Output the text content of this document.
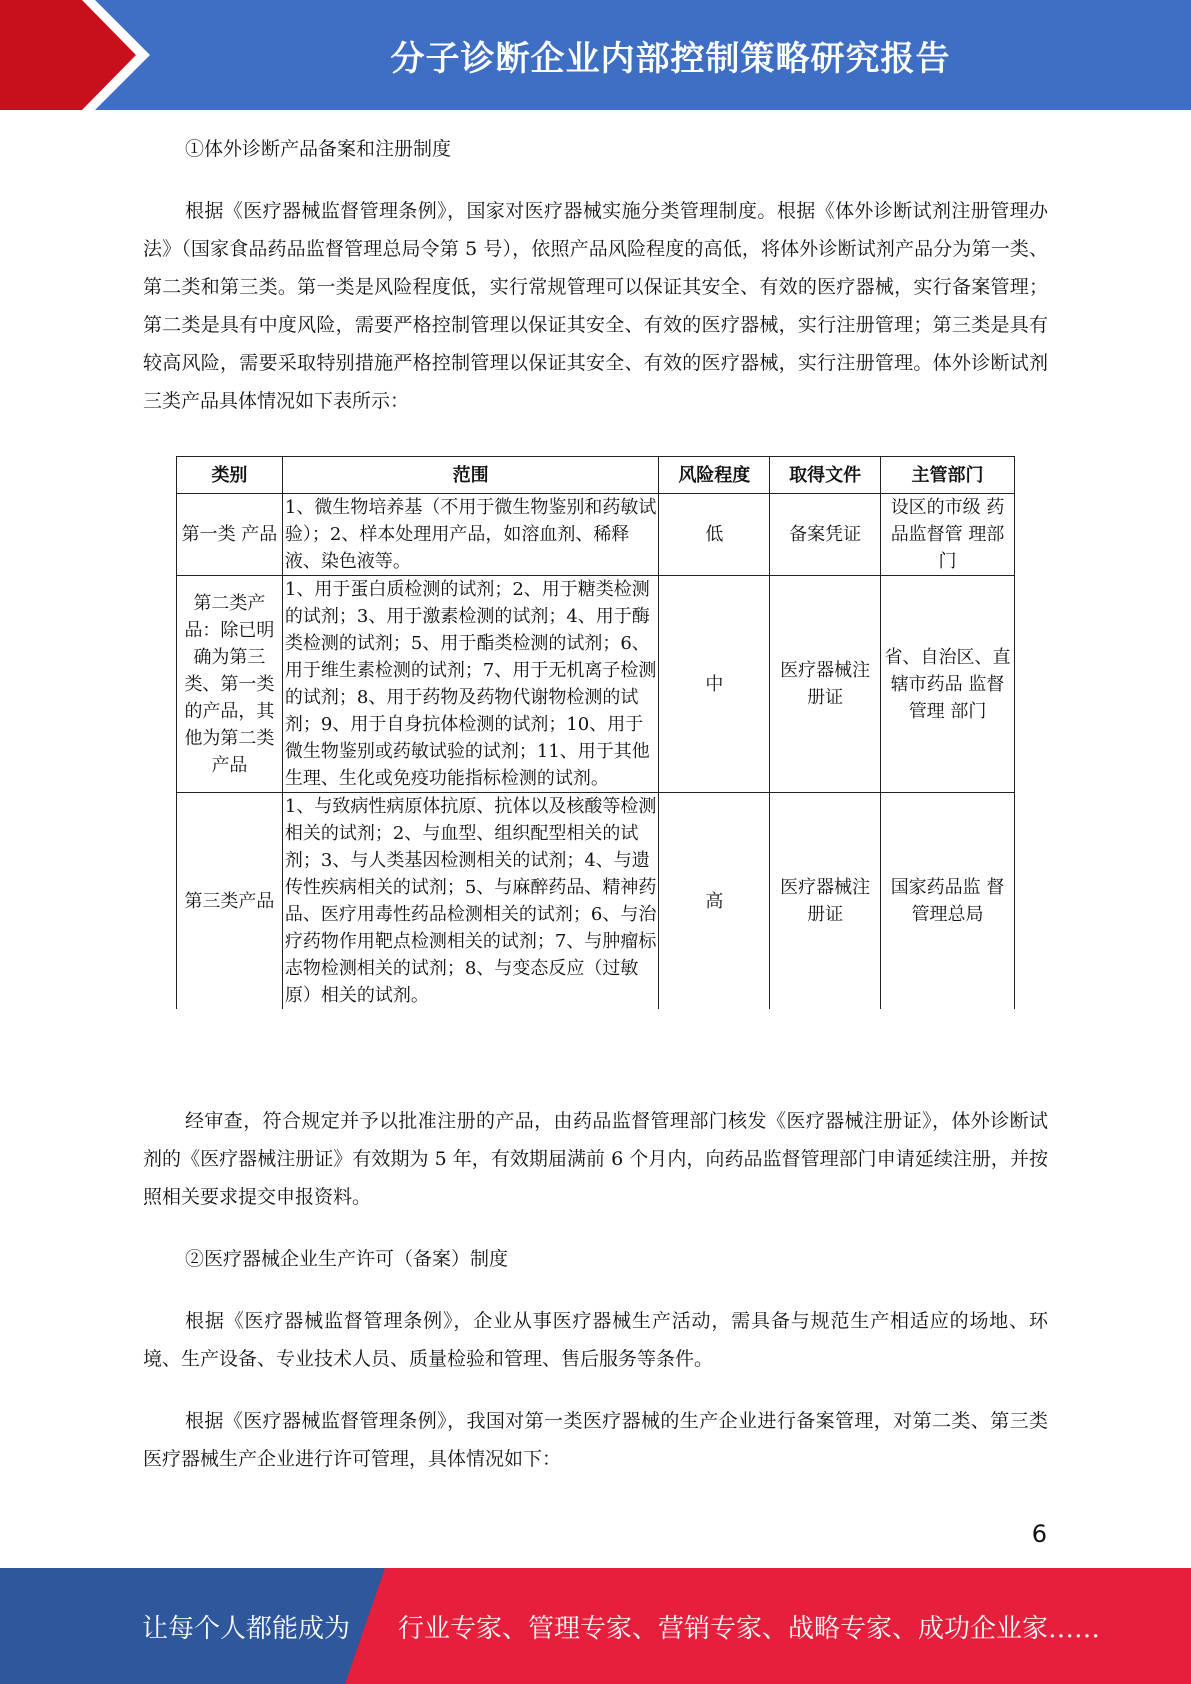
分子诊断企业内部控制策略研究报告

①体外诊断产品备案和注册制度

根据《医疗器械监督管理条例》，国家对医疗器械实施分类管理制度。根据《体外诊断试剂注册管理办法》（国家食品药品监督管理总局令第 5 号），依照产品风险程度的高低，将体外诊断试剂产品分为第一类、第二类和第三类。第一类是风险程度低，实行常规管理可以保证其安全、有效的医疗器械，实行备案管理；第二类是具有中度风险，需要严格控制管理以保证其安全、有效的医疗器械，实行注册管理；第三类是具有较高风险，需要采取特别措施严格控制管理以保证其安全、有效的医疗器械，实行注册管理。体外诊断试剂三类产品具体情况如下表所示：

类别	范围	风险程度	取得文件	主管部门
第一类 产品	1、微生物培养基（不用于微生物鉴别和药敏试验）；2、样本处理用产品，如溶血剂、稀释液、染色液等。	低	备案凭证	设区的市级 药品监督管 理部门
第二类产品：除已明确为第三类、第一类的产品，其他为第二类产品	1、用于蛋白质检测的试剂；2、用于糖类检测的试剂；3、用于激素检测的试剂；4、用于酶类检测的试剂；5、用于酯类检测的试剂；6、用于维生素检测的试剂；7、用于无机离子检测的试剂；8、用于药物及药物代谢物检测的试剂；9、用于自身抗体检测的试剂；10、用于微生物鉴别或药敏试验的试剂；11、用于其他生理、生化或免疫功能指标检测的试剂。	中	医疗器械注册证	省、自治区、直辖市药品 监督管理 部门
第三类产品	1、与致病性病原体抗原、抗体以及核酸等检测相关的试剂；2、与血型、组织配型相关的试剂；3、与人类基因检测相关的试剂；4、与遗传性疾病相关的试剂；5、与麻醉药品、精神药品、医疗用毒性药品检测相关的试剂；6、与治疗药物作用靶点检测相关的试剂；7、与肿瘤标志物检测相关的试剂；8、与变态反应（过敏原）相关的试剂。	高	医疗器械注册证	国家药品监 督管理总局

经审查，符合规定并予以批准注册的产品，由药品监督管理部门核发《医疗器械注册证》，体外诊断试剂的《医疗器械注册证》有效期为 5 年，有效期届满前 6 个月内，向药品监督管理部门申请延续注册，并按照相关要求提交申报资料。

②医疗器械企业生产许可（备案）制度

根据《医疗器械监督管理条例》，企业从事医疗器械生产活动，需具备与规范生产相适应的场地、环境、生产设备、专业技术人员、质量检验和管理、售后服务等条件。

根据《医疗器械监督管理条例》，我国对第一类医疗器械的生产企业进行备案管理，对第二类、第三类医疗器械生产企业进行许可管理，具体情况如下：

6
让每个人都能成为 行业专家、管理专家、营销专家、战略专家、成功企业家……
